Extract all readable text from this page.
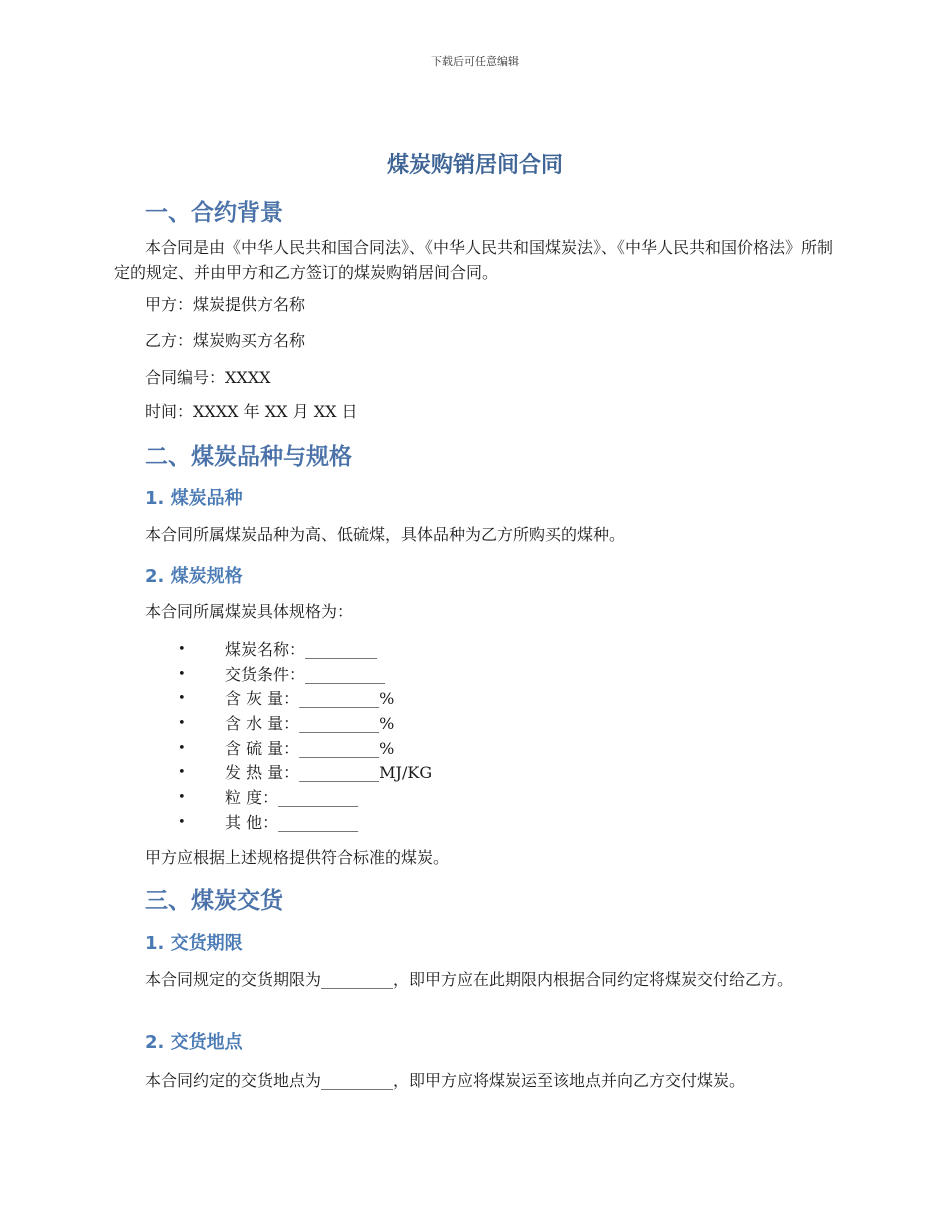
下载后可任意编辑
煤炭购销居间合同
一、合约背景
本合同是由《中华人民共和国合同法》、《中华人民共和国煤炭法》、《中华人民共和国价格法》所制定的规定、并由甲方和乙方签订的煤炭购销居间合同。
甲方：煤炭提供方名称
乙方：煤炭购买方名称
合同编号：XXXX
时间：XXXX 年 XX 月 XX 日
二、煤炭品种与规格
1. 煤炭品种
本合同所属煤炭品种为高、低硫煤，具体品种为乙方所购买的煤种。
2. 煤炭规格
本合同所属煤炭具体规格为：
• 煤炭名称：_________
• 交货条件：__________
• 含 灰 量：__________%
• 含 水 量：__________%
• 含 硫 量：__________%
• 发 热 量：__________MJ/KG
• 粒 度：__________
• 其 他：__________
甲方应根据上述规格提供符合标准的煤炭。
三、煤炭交货
1. 交货期限
本合同规定的交货期限为_________，即甲方应在此期限内根据合同约定将煤炭交付给乙方。
2. 交货地点
本合同约定的交货地点为_________，即甲方应将煤炭运至该地点并向乙方交付煤炭。
